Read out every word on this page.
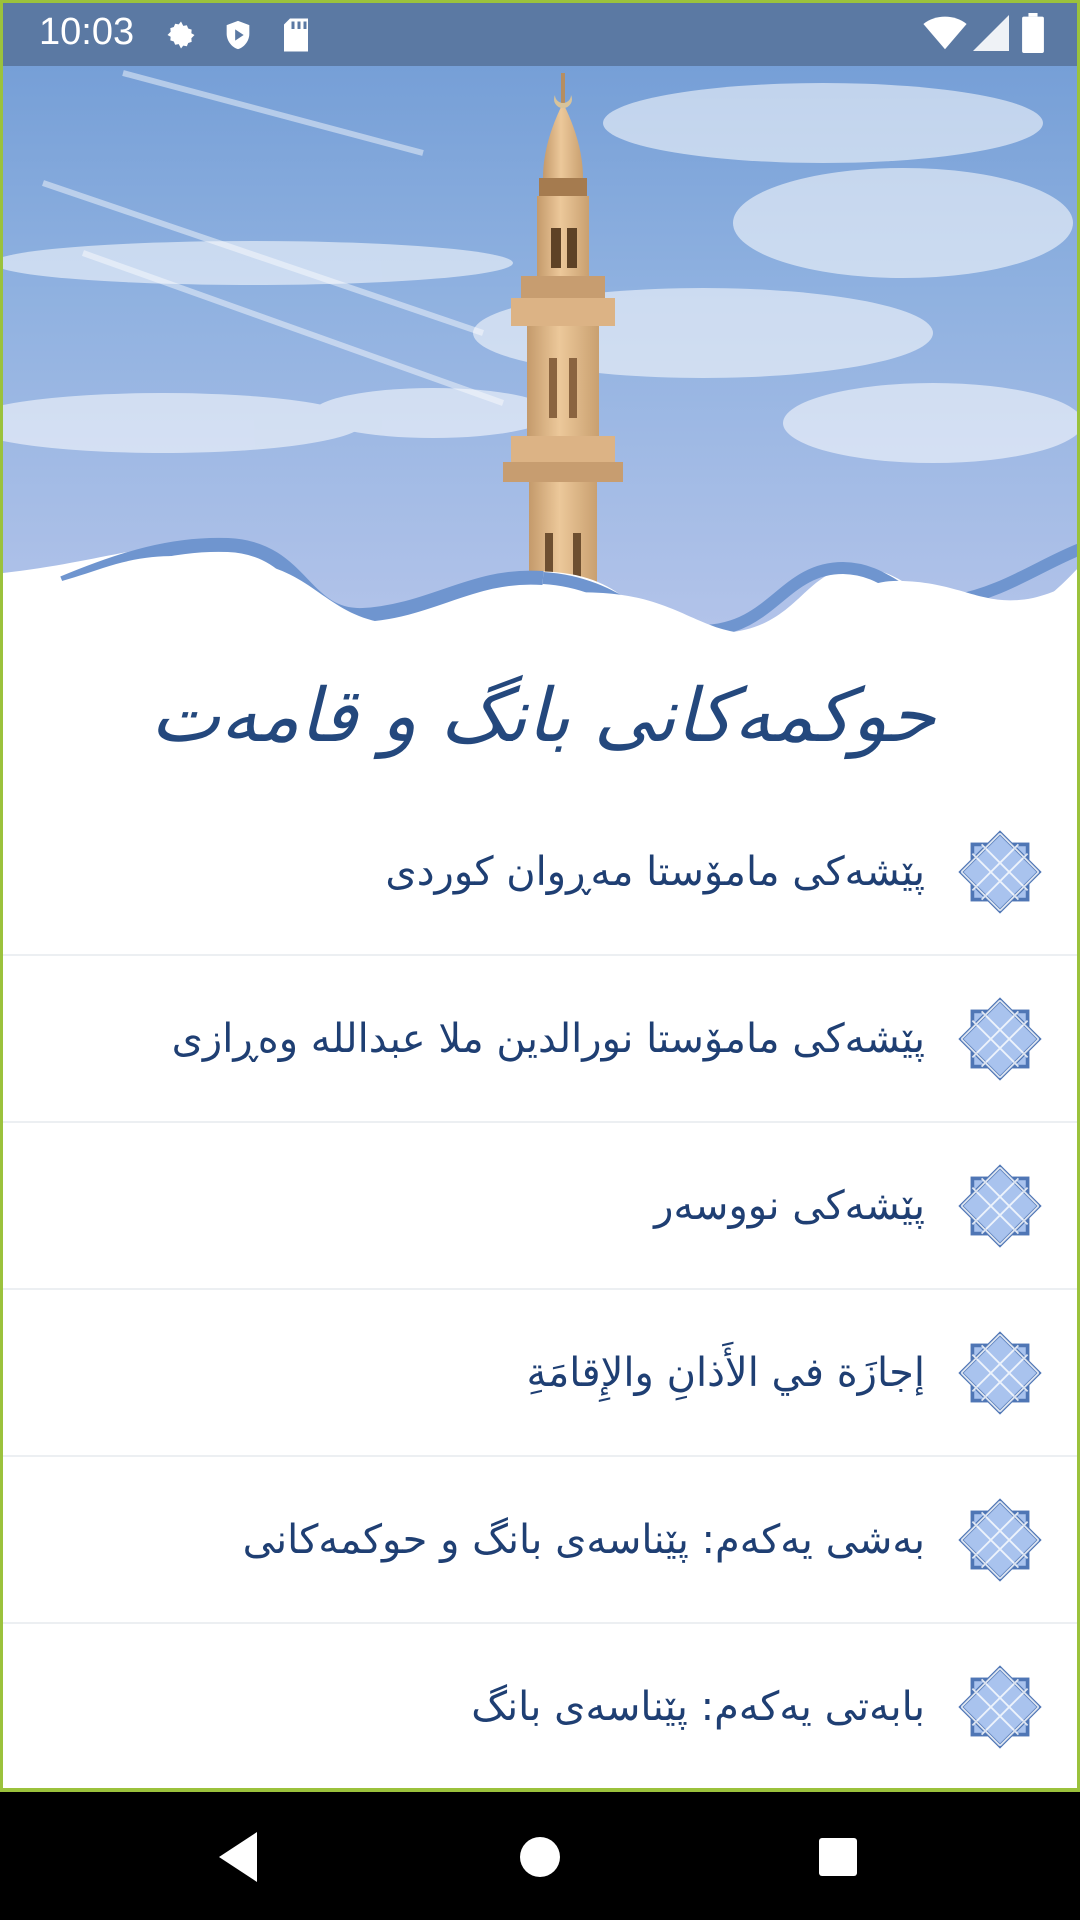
10:03
حوکمەکانی بانگ و قامەت
پێشەکی مامۆستا مەڕوان کوردی
پێشەکی مامۆستا نورالدین ملا عبدالله وەڕازی
پێشەکی نووسەر
إجازَة في الأَذانِ والإِقامَةِ
بەشی یەکەم: پێناسەی بانگ و حوکمەکانی
بابەتی یەکەم: پێناسەی بانگ
